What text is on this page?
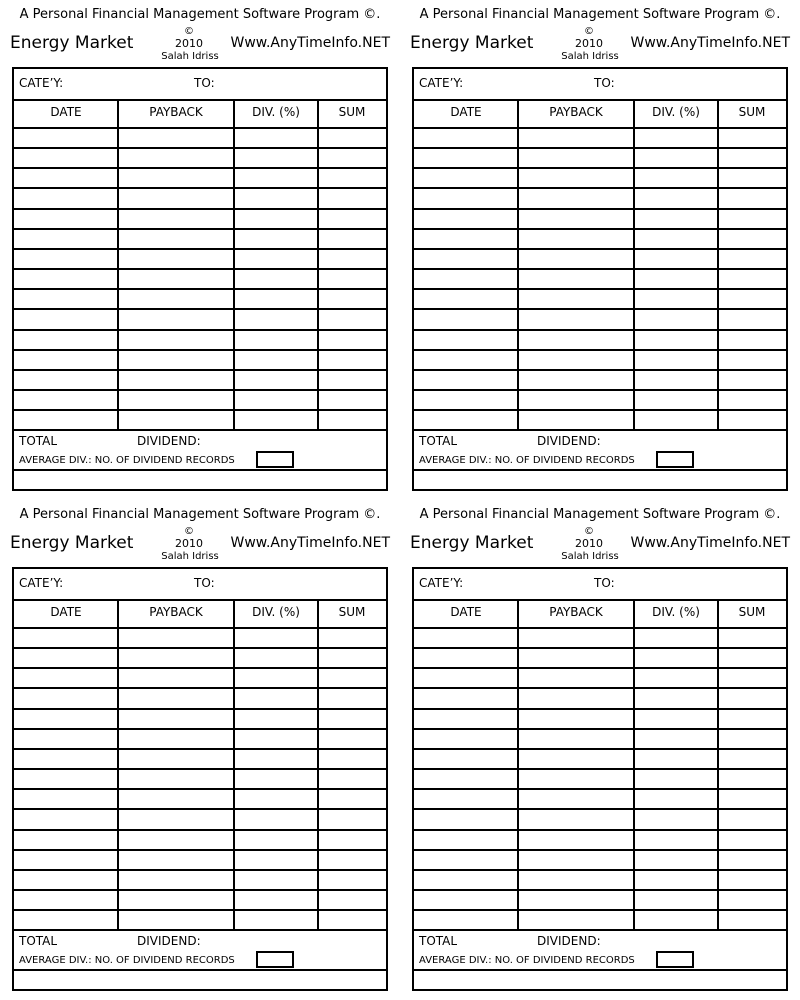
A Personal Financial Management Software Program ©.
Energy Market
©
2010
Salah Idriss
Www.AnyTimeInfo.NET
CATE’Y:	TO:
DATE	PAYBACK	DIV. (%)	SUM
TOTAL	DIVIDEND:
AVERAGE DIV.: NO. OF DIVIDEND RECORDS
A Personal Financial Management Software Program ©.
Energy Market
©
2010
Salah Idriss
Www.AnyTimeInfo.NET
CATE’Y:	TO:
DATE	PAYBACK	DIV. (%)	SUM
TOTAL	DIVIDEND:
AVERAGE DIV.: NO. OF DIVIDEND RECORDS
A Personal Financial Management Software Program ©.
Energy Market
©
2010
Salah Idriss
Www.AnyTimeInfo.NET
CATE’Y:	TO:
DATE	PAYBACK	DIV. (%)	SUM
TOTAL	DIVIDEND:
AVERAGE DIV.: NO. OF DIVIDEND RECORDS
A Personal Financial Management Software Program ©.
Energy Market
©
2010
Salah Idriss
Www.AnyTimeInfo.NET
CATE’Y:	TO:
DATE	PAYBACK	DIV. (%)	SUM
TOTAL	DIVIDEND:
AVERAGE DIV.: NO. OF DIVIDEND RECORDS
